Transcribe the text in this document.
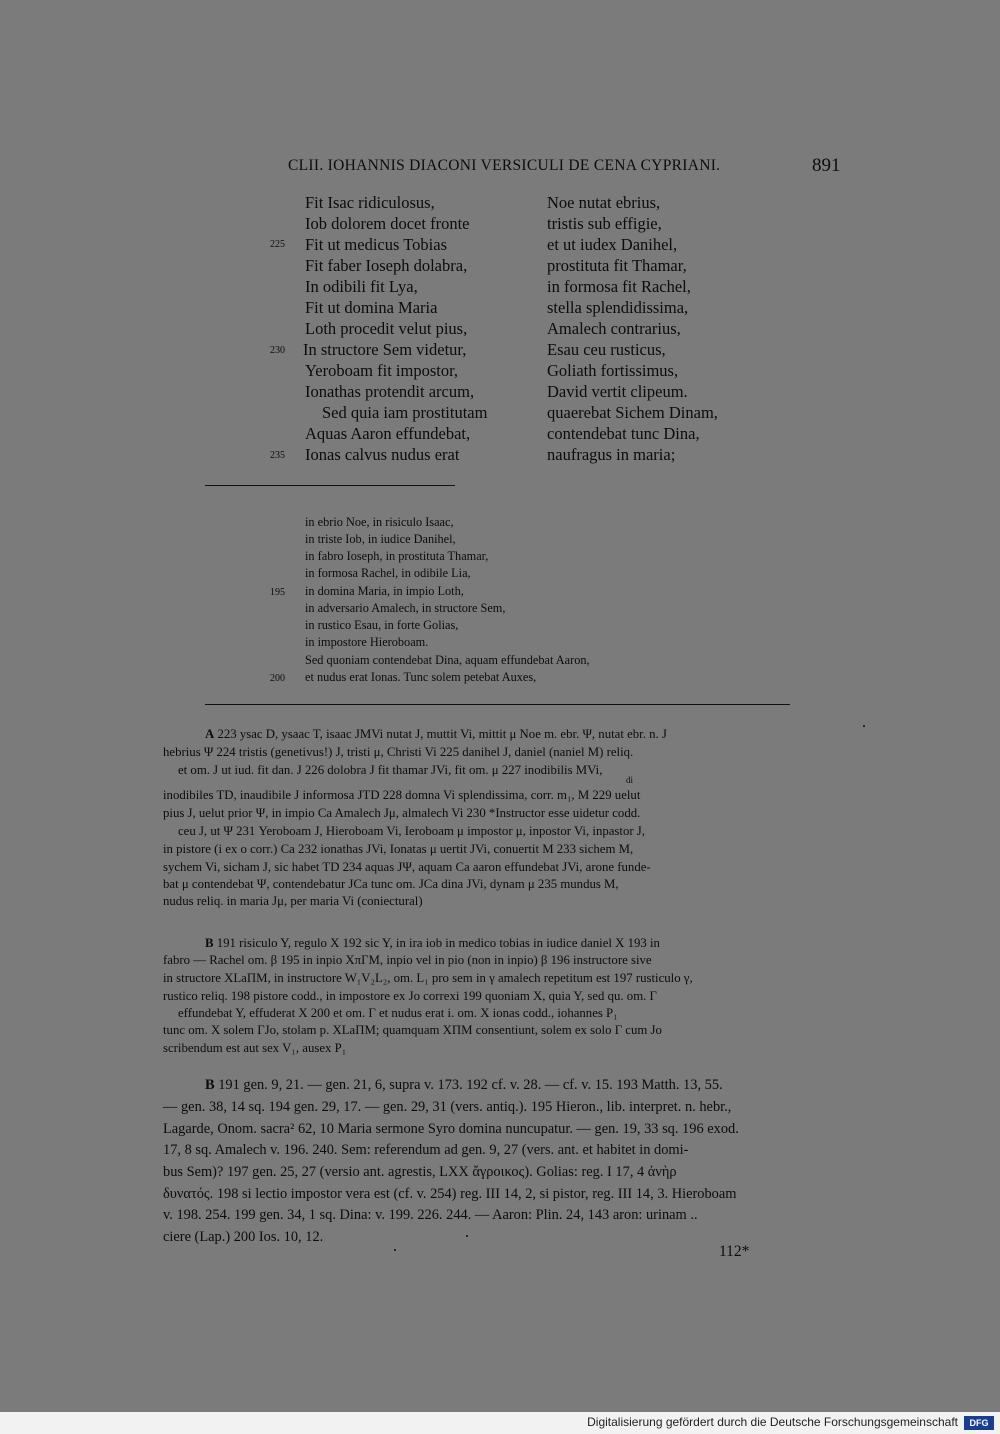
CLII. IOHANNIS DIACONI VERSICULI DE CENA CYPRIANI.	891
Fit Isac ridiculosus,
Iob dolorem docet fronte
Fit ut medicus Tobias
Fit faber Ioseph dolabra,
In odibili fit Lya,
Fit ut domina Maria
Loth procedit velut pius,
In structore Sem videtur,
Yeroboam fit impostor,
Ionathas protendit arcum,
Sed quia iam prostitutam
Aquas Aaron effundebat,
Ionas calvus nudus erat
Noe nutat ebrius,
tristis sub effigie,
et ut iudex Danihel,
prostituta fit Thamar,
in formosa fit Rachel,
stella splendidissima,
Amalech contrarius,
Esau ceu rusticus,
Goliath fortissimus,
David vertit clipeum.
quaerebat Sichem Dinam,
contendebat tunc Dina,
naufragus in maria;
225
230
235
in ebrio Noe, in risiculo Isaac,
in triste Iob, in iudice Danihel,
in fabro Ioseph, in prostituta Thamar,
in formosa Rachel, in odibile Lia,
in domina Maria, in impio Loth,
in adversario Amalech, in structore Sem,
in rustico Esau, in forte Golias,
in impostore Hieroboam.
Sed quoniam contendebat Dina, aquam effundebat Aaron,
et nudus erat Ionas. Tunc solem petebat Auxes,
195
200
A 223 ysac D, ysaac T, isaac JMVi nutat J, muttit Vi, mittit μ Noe m. ebr. Ψ, nutat ebr. n. J
hebrius Ψ 224 tristis (genetivus!) J, tristi μ, Christi Vi 225 danihel J, daniel (naniel M) reliq.
et om. J ut iud. fit dan. J 226 dolobra J fit thamar JVi, fit om. μ 227 inodibilis MVi,
di
inodibiles TD, inaudibile J informosa JTD 228 domna Vi splendissima, corr. m₁, M 229 uelut
pius J, uelut prior Ψ, in impio Ca Amalech Jμ, almalech Vi 230 *Instructor esse uidetur codd.
ceu J, ut Ψ 231 Yeroboam J, Hieroboam Vi, Ieroboam μ impostor μ, inpostor Vi, inpastor J,
in pistore (i ex o corr.) Ca 232 ionathas JVi, Ionatas μ uertit JVi, conuertit M 233 sichem M,
sychem Vi, sicham J, sic habet TD 234 aquas JΨ, aquam Ca aaron effundebat JVi, arone funde-
bat μ contendebat Ψ, contendebatur JCa tunc om. JCa dina JVi, dynam μ 235 mundus M,
nudus reliq. in maria Jμ, per maria Vi (coniectural)
B 191 risiculo Y, regulo X 192 sic Y, in ira iob in medico tobias in iudice daniel X 193 in
fabro — Rachel om. β 195 in inpio XπΓM, inpio vel in pio (non in inpio) β 196 instructore sive
in structore XLaΠM, in instructore W₁V₂L₂, om. L₁ pro sem in γ amalech repetitum est 197 rusticulo γ,
rustico reliq. 198 pistore codd., in impostore ex Jo correxi 199 quoniam X, quia Y, sed qu. om. Γ
effundebat Y, effuderat X 200 et om. Γ et nudus erat i. om. X ionas codd., iohannes P₁
tunc om. X solem ΓJo, stolam p. XLaΠM; quamquam XΠM consentiunt, solem ex solo Γ cum Jo
scribendum est aut sex V₁, ausex P₁
B 191 gen. 9, 21. — gen. 21, 6, supra v. 173. 192 cf. v. 28. — cf. v. 15. 193 Matth. 13, 55.
— gen. 38, 14 sq. 194 gen. 29, 17. — gen. 29, 31 (vers. antiq.). 195 Hieron., lib. interpret. n. hebr.,
Lagarde, Onom. sacra² 62, 10 Maria sermone Syro domina nuncupatur. — gen. 19, 33 sq. 196 exod.
17, 8 sq. Amalech v. 196. 240. Sem: referendum ad gen. 9, 27 (vers. ant. et habitet in domi-
bus Sem)? 197 gen. 25, 27 (versio ant. agrestis, LXX ἄγροικος). Golias: reg. I 17, 4 ἀνὴρ
δυνατός. 198 si lectio impostor vera est (cf. v. 254) reg. III 14, 2, si pistor, reg. III 14, 3. Hieroboam
v. 198. 254. 199 gen. 34, 1 sq. Dina: v. 199. 226. 244. — Aaron: Plin. 24, 143 aron: urinam ..
ciere (Lap.) 200 Ios. 10, 12.
112*
Digitalisierung gefördert durch die Deutsche Forschungsgemeinschaft	DFG
